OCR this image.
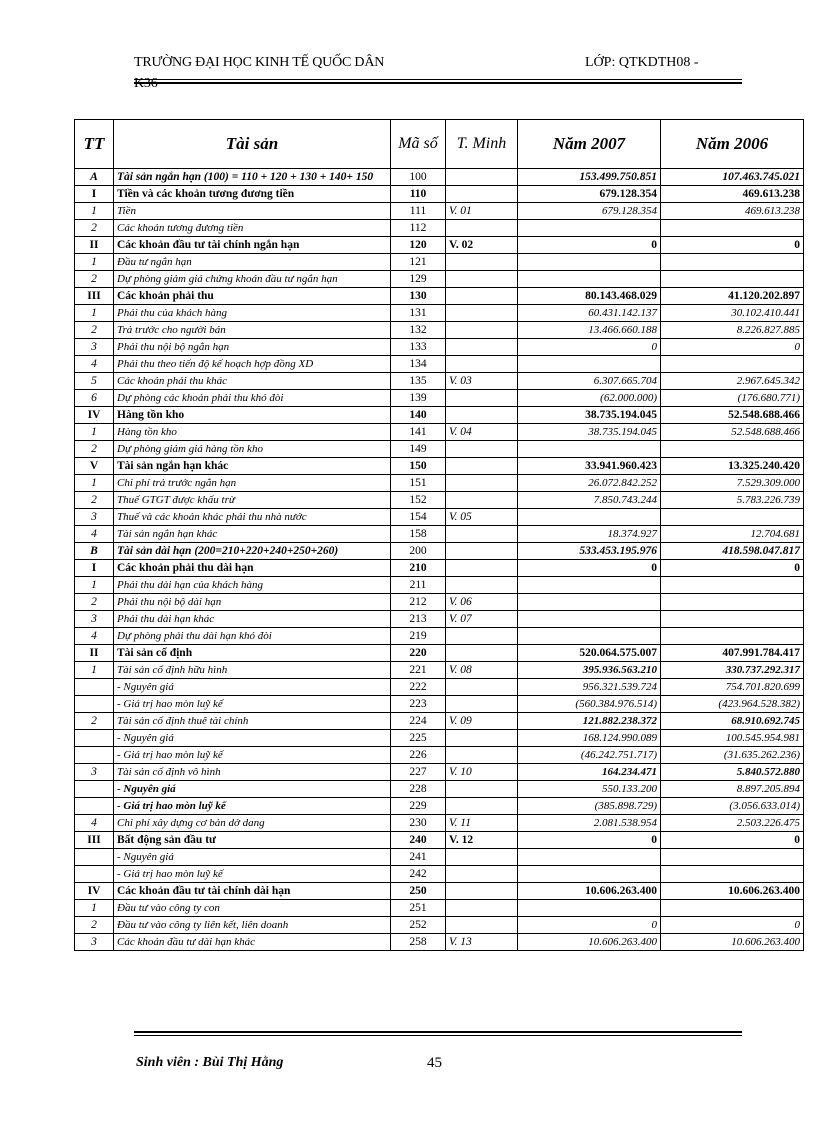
TRƯỜNG ĐẠI HỌC KINH TẾ QUỐC DÂN
K36
LỚP: QTKDTH08 -
TT	Tài sản	Mã số	T. Minh	Năm 2007	Năm 2006
A	Tài sản ngắn hạn (100) = 110 + 120 + 130 + 140+ 150	100		153.499.750.851	107.463.745.021
I	Tiền và các khoản tương đương tiền	110		679.128.354	469.613.238
1	Tiền	111	V. 01	679.128.354	469.613.238
2	Các khoản tương đương tiền	112			
II	Các khoản đầu tư tài chính ngắn hạn	120	V. 02	0	0
1	Đầu tư ngắn hạn	121			
2	Dự phòng giảm giá chứng khoán đầu tư ngắn hạn	129			
III	Các khoản phải thu	130		80.143.468.029	41.120.202.897
1	Phải thu của khách hàng	131		60.431.142.137	30.102.410.441
2	Trả trước cho người bán	132		13.466.660.188	8.226.827.885
3	Phải thu nội bộ ngắn hạn	133		0	0
4	Phải thu theo tiến độ kế hoạch hợp đồng XD	134			
5	Các khoản phải thu khác	135	V. 03	6.307.665.704	2.967.645.342
6	Dự phòng các khoản phải thu khó đòi	139		(62.000.000)	(176.680.771)
IV	Hàng tồn kho	140		38.735.194.045	52.548.688.466
1	Hàng tồn kho	141	V. 04	38.735.194.045	52.548.688.466
2	Dự phòng giảm giá hàng tồn kho	149			
V	Tài sản ngắn hạn khác	150		33.941.960.423	13.325.240.420
1	Chi phí trả trước ngắn hạn	151		26.072.842.252	7.529.309.000
2	Thuế GTGT được khấu trừ	152		7.850.743.244	5.783.226.739
3	Thuế và các khoản khác phải thu nhà nước	154	V. 05		
4	Tài sản ngắn hạn khác	158		18.374.927	12.704.681
B	Tài sản dài hạn (200=210+220+240+250+260)	200		533.453.195.976	418.598.047.817
I	Các khoản phải thu dài hạn	210		0	0
1	Phải thu dài hạn của khách hàng	211			
2	Phải thu nội bộ dài hạn	212	V. 06		
3	Phải thu dài hạn khác	213	V. 07		
4	Dự phòng phải thu dài hạn khó đòi	219			
II	Tài sản cố định	220		520.064.575.007	407.991.784.417
1	Tài sản cố định hữu hình	221	V. 08	395.936.563.210	330.737.292.317
	- Nguyên giá	222		956.321.539.724	754.701.820.699
	- Giá trị hao mòn luỹ kế	223		(560.384.976.514)	(423.964.528.382)
2	Tài sản cố định thuê tài chính	224	V. 09	121.882.238.372	68.910.692.745
	- Nguyên giá	225		168.124.990.089	100.545.954.981
	- Giá trị hao mòn luỹ kế	226		(46.242.751.717)	(31.635.262.236)
3	Tài sản cố định vô hình	227	V. 10	164.234.471	5.840.572.880
	- Nguyên giá	228		550.133.200	8.897.205.894
	- Giá trị hao mòn luỹ kế	229		(385.898.729)	(3.056.633.014)
4	Chi phí xây dựng cơ bản dở dang	230	V. 11	2.081.538.954	2.503.226.475
III	Bất động sản đầu tư	240	V. 12	0	0
	- Nguyên giá	241			
	- Giá trị hao mòn luỹ kế	242			
IV	Các khoản đầu tư tài chính dài hạn	250		10.606.263.400	10.606.263.400
1	Đầu tư vào công ty con	251			
2	Đầu tư vào công ty liên kết, liên doanh	252		0	0
3	Các khoản đầu tư dài hạn khác	258	V. 13	10.606.263.400	10.606.263.400
Sinh viên : Bùi Thị Hằng	45
